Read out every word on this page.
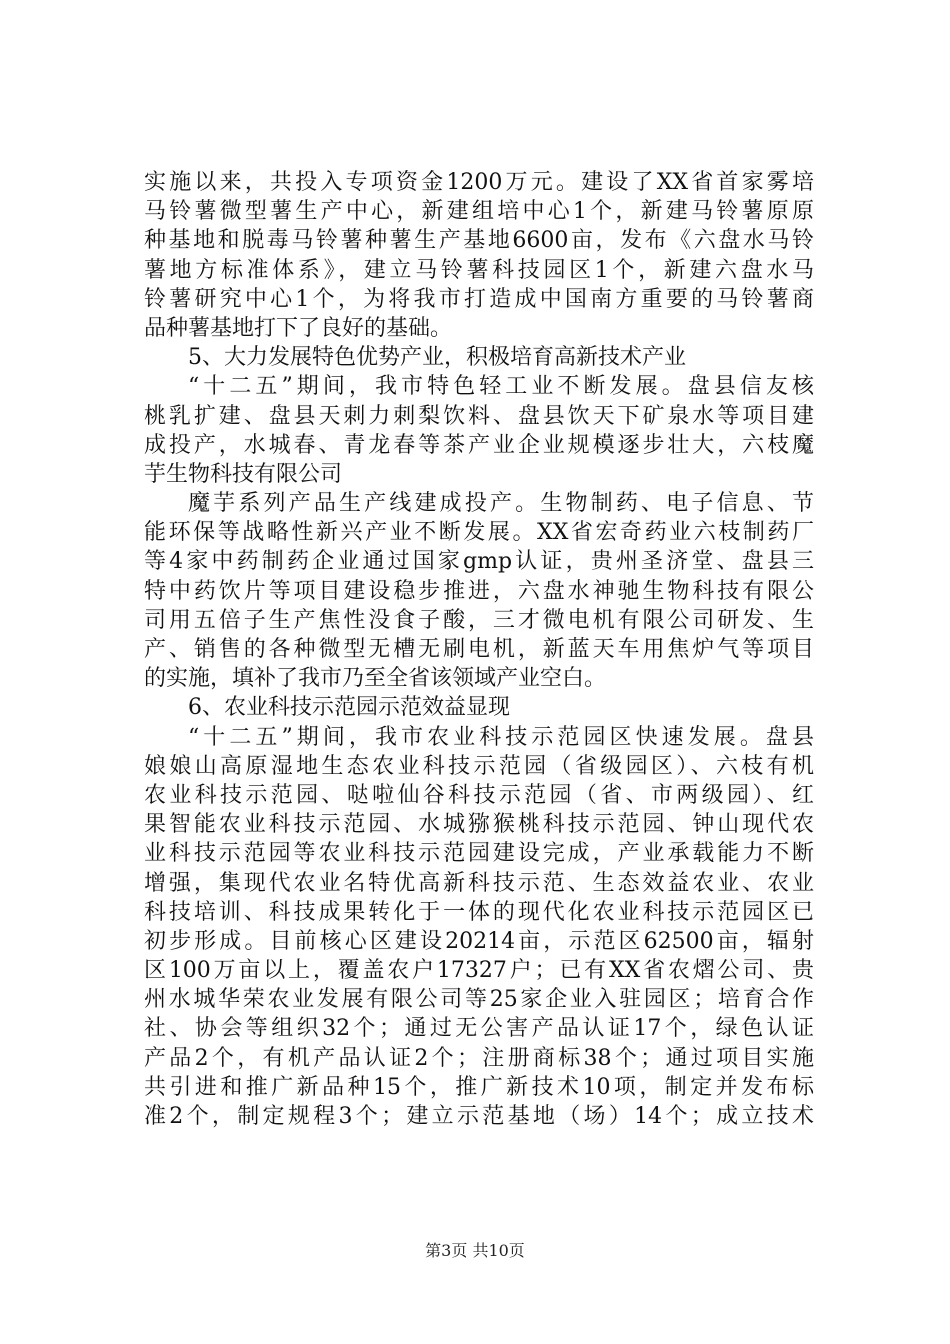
实施以来，共投入专项资金1200万元。建设了XX省首家雾培
马铃薯微型薯生产中心，新建组培中心1个，新建马铃薯原原
种基地和脱毒马铃薯种薯生产基地6600亩，发布《六盘水马铃
薯地方标准体系》，建立马铃薯科技园区1个，新建六盘水马
铃薯研究中心1个，为将我市打造成中国南方重要的马铃薯商
品种薯基地打下了良好的基础。
5、大力发展特色优势产业，积极培育高新技术产业
“十二五”期间，我市特色轻工业不断发展。盘县信友核
桃乳扩建、盘县天刺力刺梨饮料、盘县饮天下矿泉水等项目建
成投产，水城春、青龙春等茶产业企业规模逐步壮大，六枝魔
芋生物科技有限公司
魔芋系列产品生产线建成投产。生物制药、电子信息、节
能环保等战略性新兴产业不断发展。XX省宏奇药业六枝制药厂
等4家中药制药企业通过国家gmp认证，贵州圣济堂、盘县三
特中药饮片等项目建设稳步推进，六盘水神驰生物科技有限公
司用五倍子生产焦性没食子酸，三才微电机有限公司研发、生
产、销售的各种微型无槽无刷电机，新蓝天车用焦炉气等项目
的实施，填补了我市乃至全省该领域产业空白。
6、农业科技示范园示范效益显现
“十二五”期间，我市农业科技示范园区快速发展。盘县
娘娘山高原湿地生态农业科技示范园（省级园区）、六枝有机
农业科技示范园、哒啦仙谷科技示范园（省、市两级园）、红
果智能农业科技示范园、水城猕猴桃科技示范园、钟山现代农
业科技示范园等农业科技示范园建设完成，产业承载能力不断
增强，集现代农业名特优高新科技示范、生态效益农业、农业
科技培训、科技成果转化于一体的现代化农业科技示范园区已
初步形成。目前核心区建设20214亩，示范区62500亩，辐射
区100万亩以上，覆盖农户17327户；已有XX省农熠公司、贵
州水城华荣农业发展有限公司等25家企业入驻园区；培育合作
社、协会等组织32个；通过无公害产品认证17个，绿色认证
产品2个，有机产品认证2个；注册商标38个；通过项目实施
共引进和推广新品种15个，推广新技术10项，制定并发布标
准2个，制定规程3个；建立示范基地（场）14个；成立技术
第3页 共10页
